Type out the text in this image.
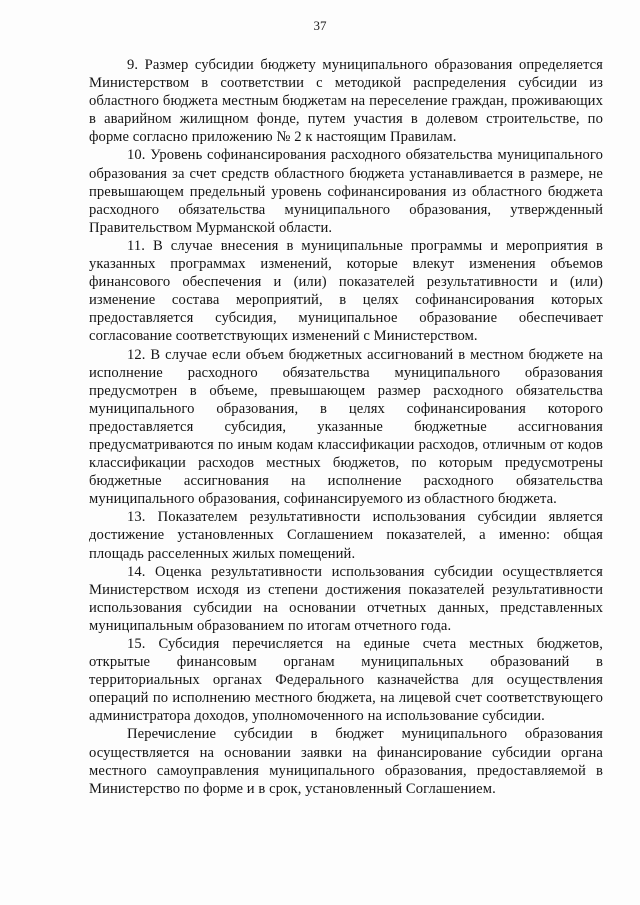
37

9. Размер субсидии бюджету муниципального образования определяется Министерством в соответствии с методикой распределения субсидии из областного бюджета местным бюджетам на переселение граждан, проживающих в аварийном жилищном фонде, путем участия в долевом строительстве, по форме согласно приложению № 2 к настоящим Правилам.

10. Уровень софинансирования расходного обязательства муниципального образования за счет средств областного бюджета устанавливается в размере, не превышающем предельный уровень софинансирования из областного бюджета расходного обязательства муниципального образования, утвержденный Правительством Мурманской области.

11. В случае внесения в муниципальные программы и мероприятия в указанных программах изменений, которые влекут изменения объемов финансового обеспечения и (или) показателей результативности и (или) изменение состава мероприятий, в целях софинансирования которых предоставляется субсидия, муниципальное образование обеспечивает согласование соответствующих изменений с Министерством.

12. В случае если объем бюджетных ассигнований в местном бюджете на исполнение расходного обязательства муниципального образования предусмотрен в объеме, превышающем размер расходного обязательства муниципального образования, в целях софинансирования которого предоставляется субсидия, указанные бюджетные ассигнования предусматриваются по иным кодам классификации расходов, отличным от кодов классификации расходов местных бюджетов, по которым предусмотрены бюджетные ассигнования на исполнение расходного обязательства муниципального образования, софинансируемого из областного бюджета.

13. Показателем результативности использования субсидии является достижение установленных Соглашением показателей, а именно: общая площадь расселенных жилых помещений.

14. Оценка результативности использования субсидии осуществляется Министерством исходя из степени достижения показателей результативности использования субсидии на основании отчетных данных, представленных муниципальным образованием по итогам отчетного года.

15. Субсидия перечисляется на единые счета местных бюджетов, открытые финансовым органам муниципальных образований в территориальных органах Федерального казначейства для осуществления операций по исполнению местного бюджета, на лицевой счет соответствующего администратора доходов, уполномоченного на использование субсидии.

Перечисление субсидии в бюджет муниципального образования осуществляется на основании заявки на финансирование субсидии органа местного самоуправления муниципального образования, предоставляемой в Министерство по форме и в срок, установленный Соглашением.
